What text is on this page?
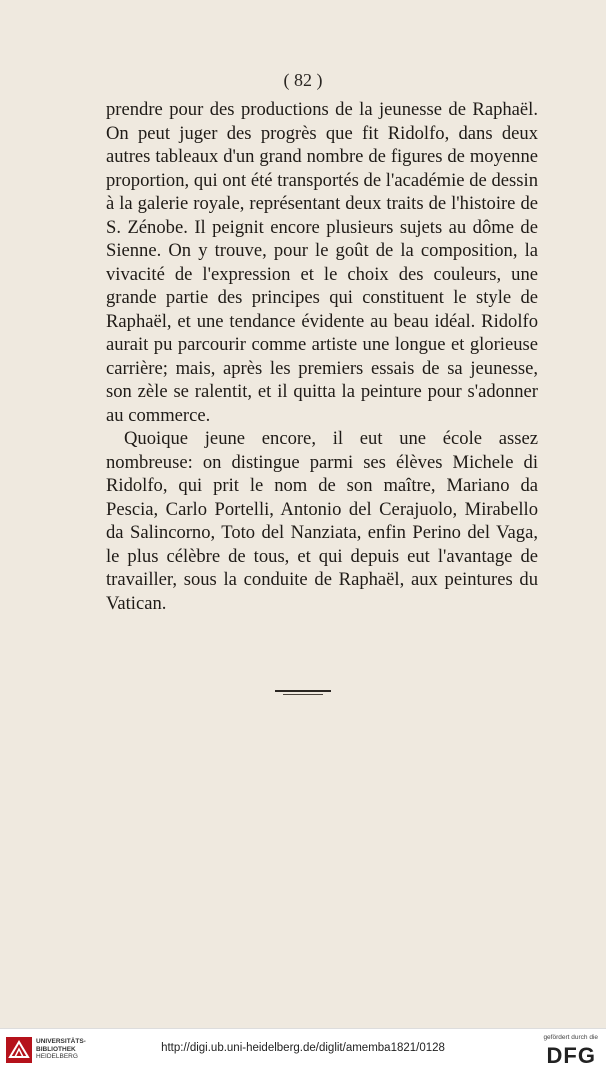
( 82 )

prendre pour des productions de la jeunesse de Raphaël. On peut juger des progrès que fit Ridolfo, dans deux autres tableaux d'un grand nombre de figures de moyenne proportion, qui ont été transportés de l'académie de dessin à la galerie royale, représentant deux traits de l'histoire de S. Zénobe. Il peignit encore plusieurs sujets au dôme de Sienne. On y trouve, pour le goût de la composition, la vivacité de l'expression et le choix des couleurs, une grande partie des principes qui constituent le style de Raphaël, et une tendance évidente au beau idéal. Ridolfo aurait pu parcourir comme artiste une longue et glorieuse carrière; mais, après les premiers essais de sa jeunesse, son zèle se ralentit, et il quitta la peinture pour s'adonner au commerce.

Quoique jeune encore, il eut une école assez nombreuse: on distingue parmi ses élèves Michele di Ridolfo, qui prit le nom de son maître, Mariano da Pescia, Carlo Portelli, Antonio del Cerajuolo, Mirabello da Salincorno, Toto del Nanziata, enfin Perino del Vaga, le plus célèbre de tous, et qui depuis eut l'avantage de travailler, sous la conduite de Raphaël, aux peintures du Vatican.

UNIVERSITÄTS-
BIBLIOTHEK
HEIDELBERG
http://digi.ub.uni-heidelberg.de/diglit/amemba1821/0128
gefördert durch die
DFG
